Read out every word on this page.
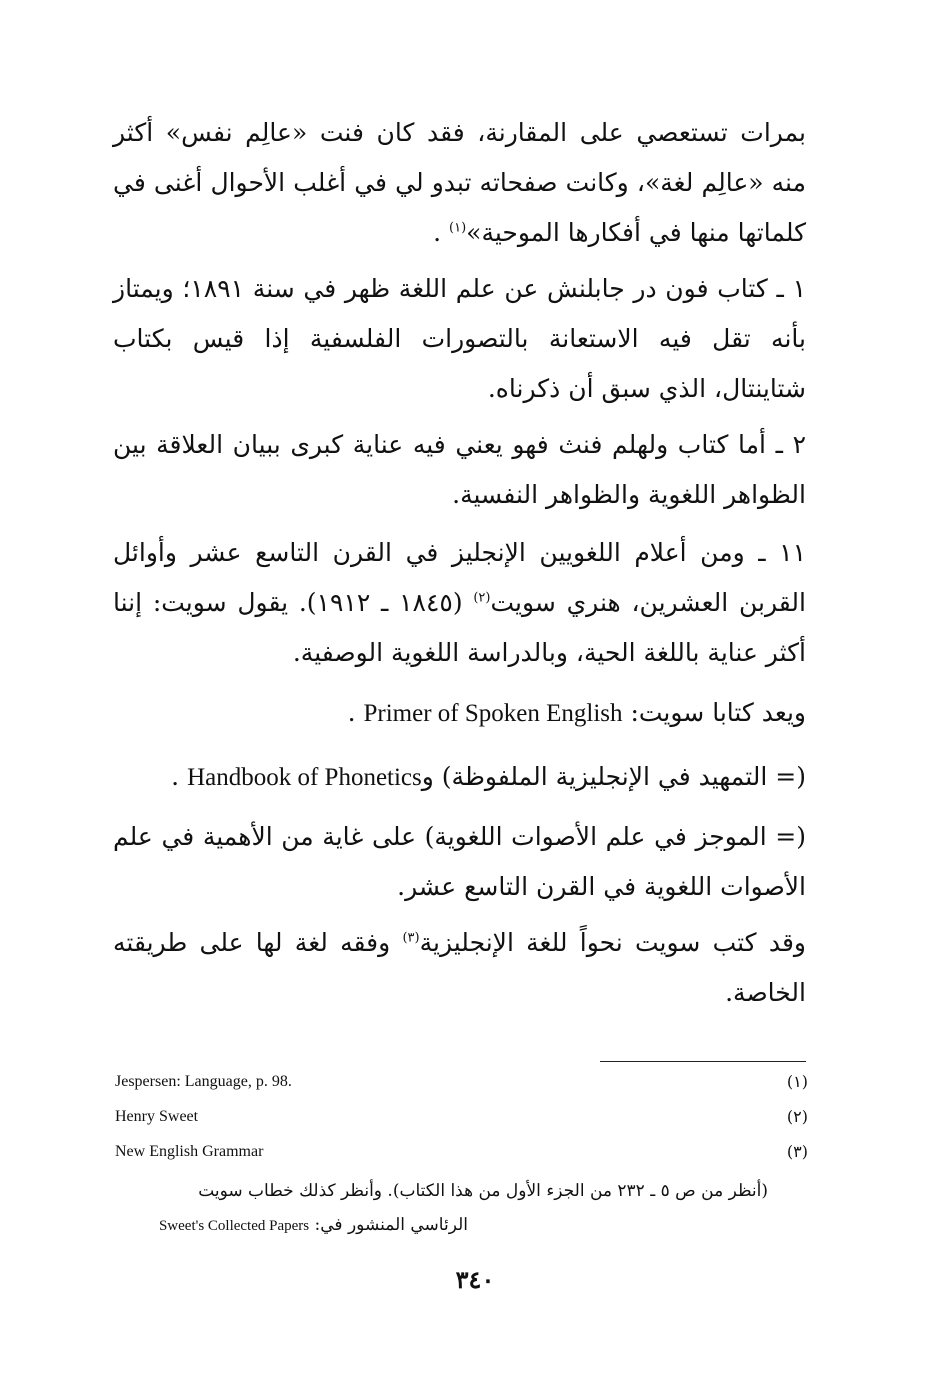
بمرات تستعصي على المقارنة، فقد كان فنت «عالِم نفس» أكثر منه «عالِم لغة»، وكانت صفحاته تبدو لي في أغلب الأحوال أغنى في كلماتها منها في أفكارها الموحية»$^{(١)}$ .

١ ـ كتاب فون در جابلنش عن علم اللغة ظهر في سنة ١٨٩١؛ ويمتاز بأنه تقل فيه الاستعانة بالتصورات الفلسفية إذا قيس بكتاب شتاينتال، الذي سبق أن ذكرناه.

٢ ـ أما كتاب ولهلم فنث فهو يعني فيه عناية كبرى ببيان العلاقة بين الظواهر اللغوية والظواهر النفسية.

١١ ـ ومن أعلام اللغويين الإنجليز في القرن التاسع عشر وأوائل القربن العشرين، هنري سويت$^{(٢)}$ (١٨٤٥ ـ ١٩١٢). يقول سويت: إننا أكثر عناية باللغة الحية، وبالدراسة اللغوية الوصفية.

ويعد كتابا سويت: Primer of Spoken English .

(= التمهيد في الإنجليزية الملفوظة) وHandbook of Phonetics .

(= الموجز في علم الأصوات اللغوية) على غاية من الأهمية في علم الأصوات اللغوية في القرن التاسع عشر.

وقد كتب سويت نحواً للغة الإنجليزية$^{(٣)}$ وفقه لغة لها على طريقته الخاصة.

Jespersen: Language, p. 98.	(١)
Henry Sweet	(٢)
New English Grammar	(٣)
(أنظر من ص ٥ ـ ٢٣٢ من الجزء الأول من هذا الكتاب). وأنظر كذلك خطاب سويت
الرئاسي المنشور في: Sweet's Collected Papers
٣٤٠
